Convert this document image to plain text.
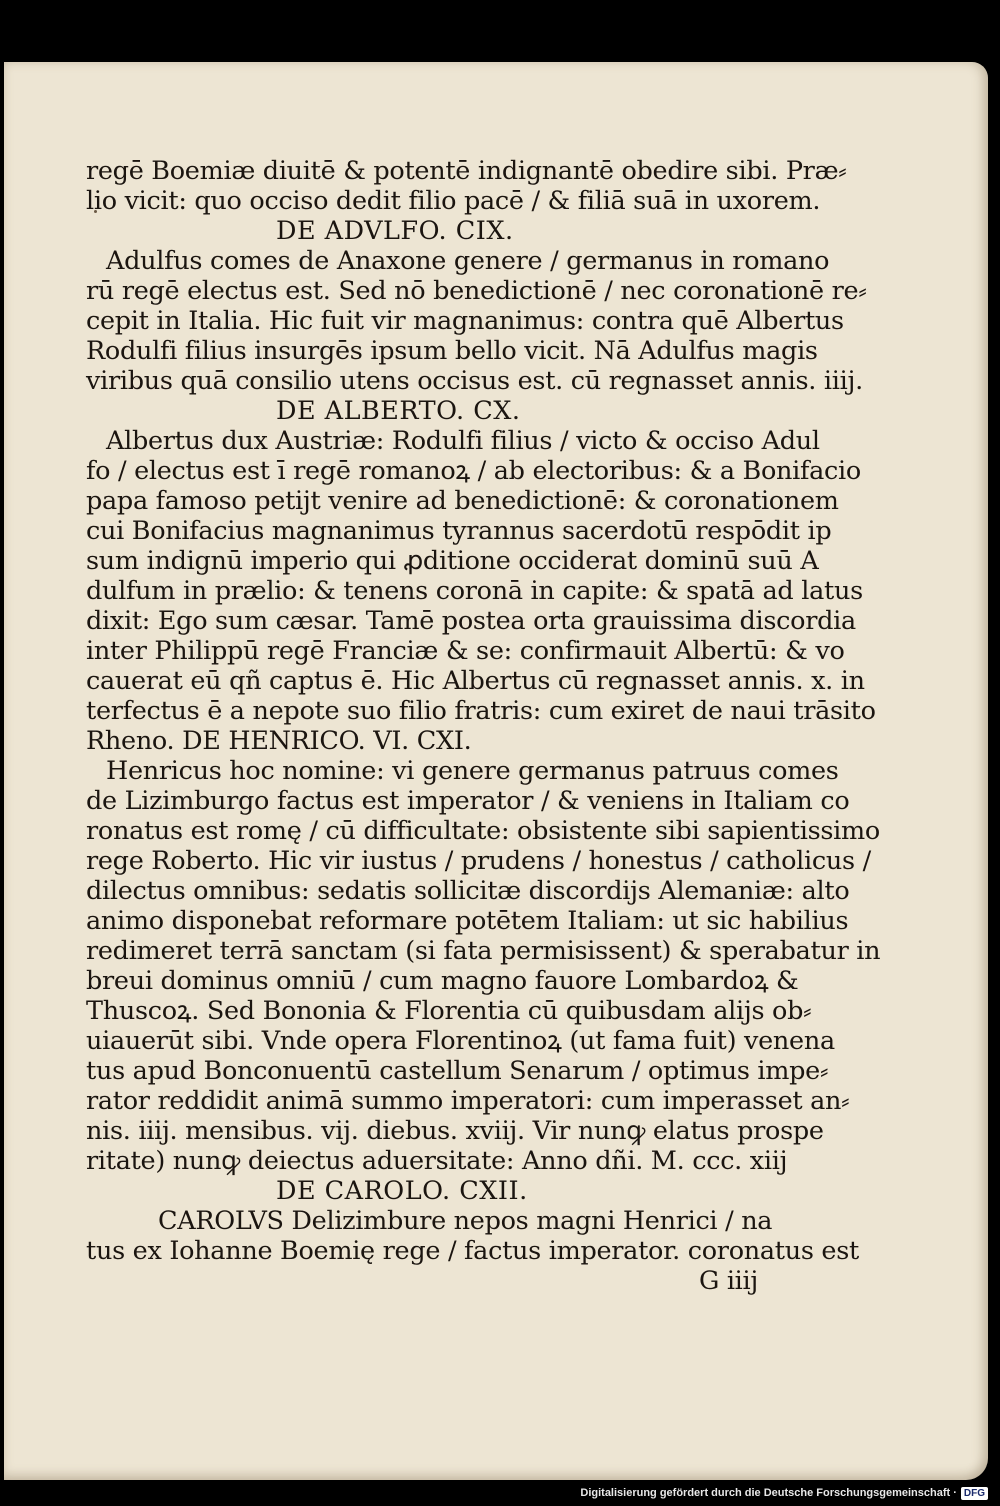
regē Boemiæ diuitē & potentē indignantē obedire sibi. Præ⸗
lio vicit: quo occiso dedit filio pacē / & filiā suā in uxorem.
DE ADVLFO. CIX.
Adulfus comes de Anaxone genere / germanus in romano
rū regē electus est. Sed nō benedictionē / nec coronationē re⸗
cepit in Italia. Hic fuit vir magnanimus: contra quē Albertus
Rodulfi filius insurgēs ipsum bello vicit. Nā Adulfus magis
viribus quā consilio utens occisus est. cū regnasset annis. iiij.
DE ALBERTO. CX.
Albertus dux Austriæ: Rodulfi filius / victo & occiso Adul
fo / electus est ī regē romanoꝝ / ab electoribus: & a Bonifacio
papa famoso petijt venire ad benedictionē: & coronationem
cui Bonifacius magnanimus tyrannus sacerdotū respōdit ip
sum indignū imperio qui ꝓditione occiderat dominū suū A
dulfum in prælio: & tenens coronā in capite: & spatā ad latus
dixit: Ego sum cæsar. Tamē postea orta grauissima discordia
inter Philippū regē Franciæ & se: confirmauit Albertū: & vo
cauerat eū qñ captus ē. Hic Albertus cū regnasset annis. x. in
terfectus ē a nepote suo filio fratris: cum exiret de naui trāsito
Rheno. DE HENRICO. VI. CXI.
Henricus hoc nomine: vi genere germanus patruus comes
de Lizimburgo factus est imperator / & veniens in Italiam co
ronatus est romę / cū difficultate: obsistente sibi sapientissimo
rege Roberto. Hic vir iustus / prudens / honestus / catholicus /
dilectus omnibus: sedatis sollicitæ discordijs Alemaniæ: alto
animo disponebat reformare potētem Italiam: ut sic habilius
redimeret terrā sanctam (si fata permisissent) & sperabatur in
breui dominus omniū / cum magno fauore Lombardoꝝ &
Thuscoꝝ. Sed Bononia & Florentia cū quibusdam alijs ob⸗
uiauerūt sibi. Vnde opera Florentinoꝝ (ut fama fuit) venena
tus apud Bonconuentū castellum Senarum / optimus impe⸗
rator reddidit animā summo imperatori: cum imperasset an⸗
nis. iiij. mensibus. vij. diebus. xviij. Vir nunꝙ elatus prospe
ritate) nunꝙ deiectus aduersitate: Anno dñi. M. ccc. xiij
DE CAROLO. CXII.
CAROLVS Delizimbure nepos magni Henrici / na
tus ex Iohanne Boemię rege / factus imperator. coronatus est
G iiij
Digitalisierung gefördert durch die Deutsche Forschungsgemeinschaft · DFG
